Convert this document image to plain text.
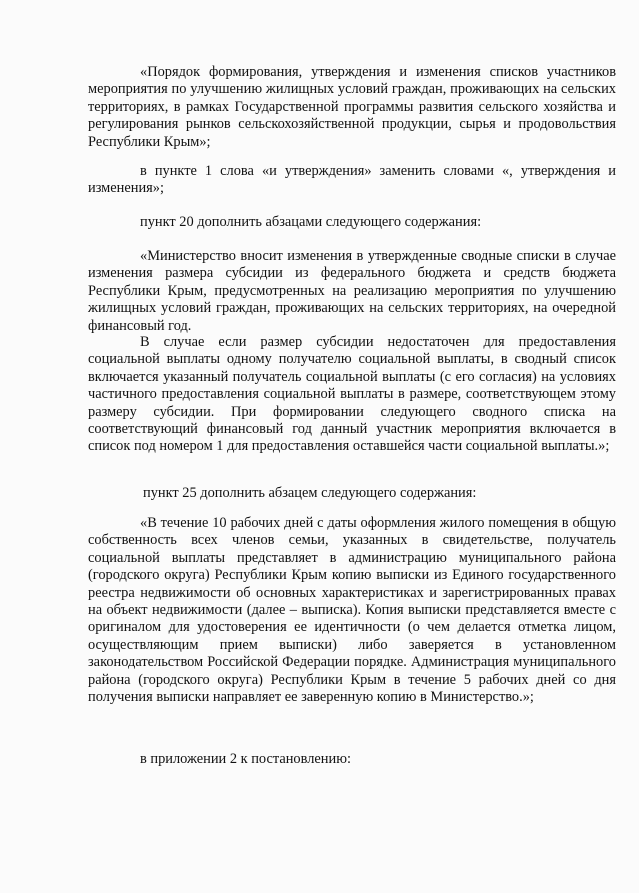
«Порядок формирования, утверждения и изменения списков участников мероприятия по улучшению жилищных условий граждан, проживающих на сельских территориях, в рамках Государственной программы развития сельского хозяйства и регулирования рынков сельскохозяйственной продукции, сырья и продовольствия Республики Крым»;

в пункте 1 слова «и утверждения» заменить словами «, утверждения и изменения»;

пункт 20 дополнить абзацами следующего содержания:

«Министерство вносит изменения в утвержденные сводные списки в случае изменения размера субсидии из федерального бюджета и средств бюджета Республики Крым, предусмотренных на реализацию мероприятия по улучшению жилищных условий граждан, проживающих на сельских территориях, на очередной финансовый год.

В случае если размер субсидии недостаточен для предоставления социальной выплаты одному получателю социальной выплаты, в сводный список включается указанный получатель социальной выплаты (с его согласия) на условиях частичного предоставления социальной выплаты в размере, соответствующем этому размеру субсидии. При формировании следующего сводного списка на соответствующий финансовый год данный участник мероприятия включается в список под номером 1 для предоставления оставшейся части социальной выплаты.»;

пункт 25 дополнить абзацем следующего содержания:

«В течение 10 рабочих дней с даты оформления жилого помещения в общую собственность всех членов семьи, указанных в свидетельстве, получатель социальной выплаты представляет в администрацию муниципального района (городского округа) Республики Крым копию выписки из Единого государственного реестра недвижимости об основных характеристиках и зарегистрированных правах на объект недвижимости (далее – выписка). Копия выписки представляется вместе с оригиналом для удостоверения ее идентичности (о чем делается отметка лицом, осуществляющим прием выписки) либо заверяется в установленном законодательством Российской Федерации порядке. Администрация муниципального района (городского округа) Республики Крым в течение 5 рабочих дней со дня получения выписки направляет ее заверенную копию в Министерство.»;

в приложении 2 к постановлению:
